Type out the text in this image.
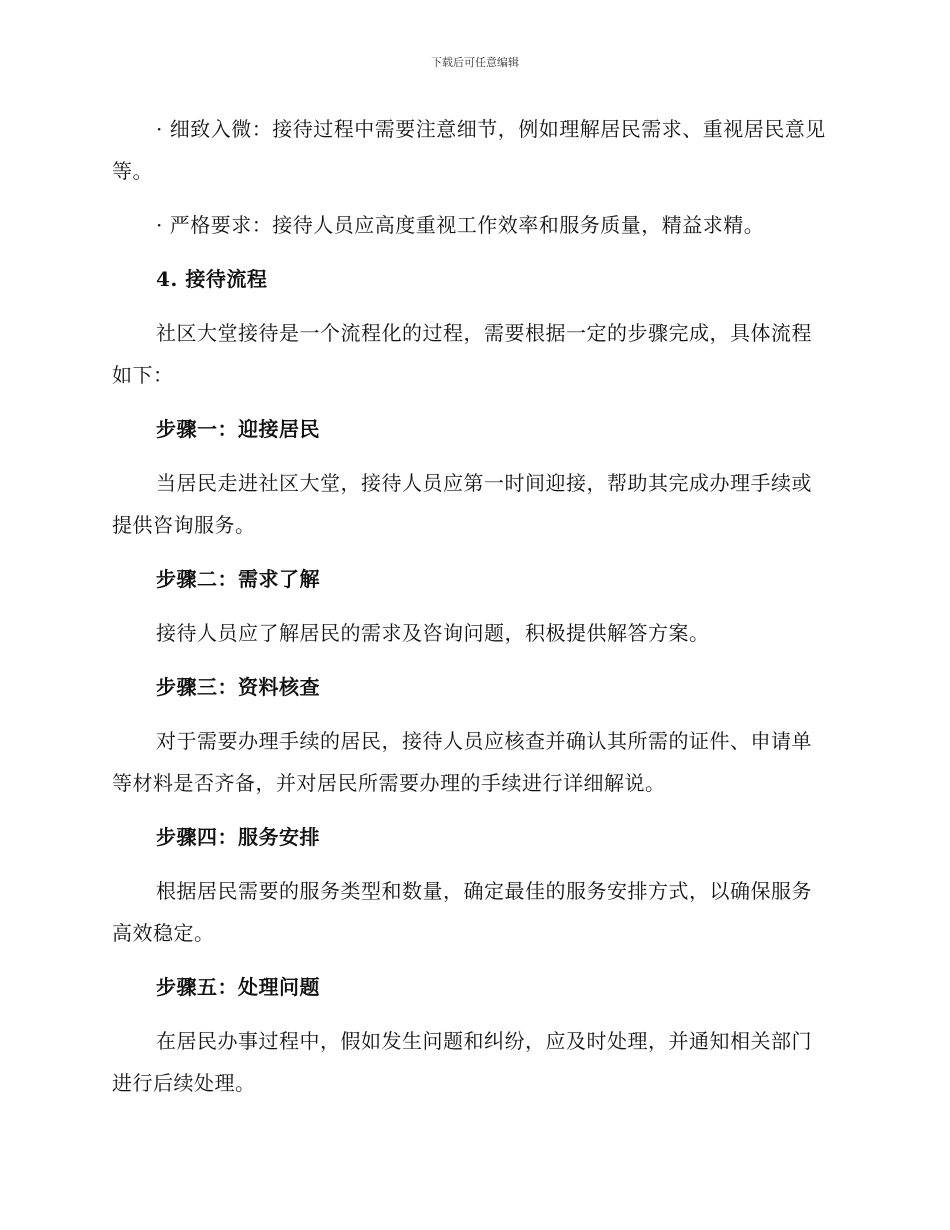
下载后可任意编辑

· 细致入微：接待过程中需要注意细节，例如理解居民需求、重视居民意见等。

· 严格要求：接待人员应高度重视工作效率和服务质量，精益求精。

4. 接待流程

社区大堂接待是一个流程化的过程，需要根据一定的步骤完成，具体流程如下：

步骤一：迎接居民

当居民走进社区大堂，接待人员应第一时间迎接，帮助其完成办理手续或提供咨询服务。

步骤二：需求了解

接待人员应了解居民的需求及咨询问题，积极提供解答方案。

步骤三：资料核查

对于需要办理手续的居民，接待人员应核查并确认其所需的证件、申请单等材料是否齐备，并对居民所需要办理的手续进行详细解说。

步骤四：服务安排

根据居民需要的服务类型和数量，确定最佳的服务安排方式，以确保服务高效稳定。

步骤五：处理问题

在居民办事过程中，假如发生问题和纠纷，应及时处理，并通知相关部门进行后续处理。
